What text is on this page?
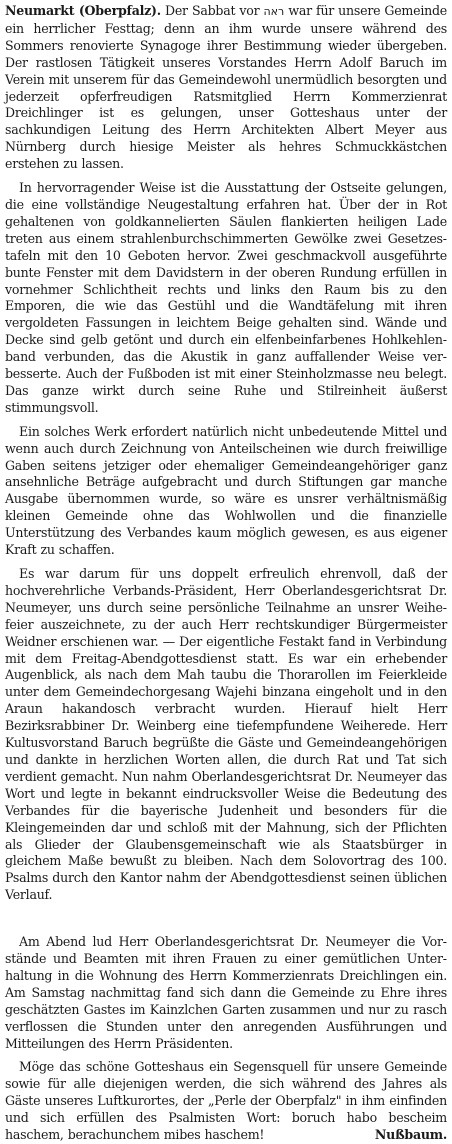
Neumarkt (Oberpfalz). Der Sabbat vor ראה war für unsere Gemeinde ein herrlicher Festtag; denn an ihm wurde unsere während des Sommers renovierte Synagoge ihrer Bestimmung wieder übergeben. Der rastlosen Tätigkeit unseres Vorstandes Herrn Adolf Baruch im Verein mit unserem für das Gemeindewohl unermüdlich besorgten und jederzeit opferfreudigen Ratsmitglied Herrn Kommerzienrat Dreichlinger ist es gelungen, unser Gotteshaus unter der sachkundigen Leitung des Herrn Architekten Albert Meyer aus Nürnberg durch hiesige Meister als hehres Schmuckkästchen erstehen zu lassen.

In hervorragender Weise ist die Ausstattung der Ostseite gelungen, die eine vollständige Neugestaltung erfahren hat. Über der in Rot gehaltenen von goldkannelierten Säulen flankierten heiligen Lade treten aus einem strahlenburchschimmerten Gewölke zwei Gesetzestafeln mit den 10 Geboten hervor. Zwei geschmackvoll ausgeführte bunte Fenster mit dem Davidstern in der oberen Rundung erfüllen in vornehmer Schlichtheit rechts und links den Raum bis zu den Emporen, die wie das Gestühl und die Wandtäfelung mit ihren vergoldeten Fassungen in leichtem Beige gehalten sind. Wände und Decke sind gelb getönt und durch ein elfenbeinfarbenes Hohlkehlenband verbunden, das die Akustik in ganz auffallender Weise verbesserte. Auch der Fußboden ist mit einer Steinholzmasse neu belegt. Das ganze wirkt durch seine Ruhe und Stilreinheit äußerst stimmungsvoll.

Ein solches Werk erfordert natürlich nicht unbedeutende Mittel und wenn auch durch Zeichnung von Anteilscheinen wie durch freiwillige Gaben seitens jetziger oder ehemaliger Gemeindeangehöriger ganz ansehnliche Beträge aufgebracht und durch Stiftungen gar manche Ausgabe übernommen wurde, so wäre es unsrer verhältnismäßig kleinen Gemeinde ohne das Wohlwollen und die finanzielle Unterstützung des Verbandes kaum möglich gewesen, es aus eigener Kraft zu schaffen.

Es war darum für uns doppelt erfreulich ehrenvoll, daß der hochverehrliche Verbands-Präsident, Herr Oberlandesgerichtsrat Dr. Neumeyer, uns durch seine persönliche Teilnahme an unsrer Weihefeier auszeichnete, zu der auch Herr rechtskundiger Bürgermeister Weidner erschienen war. — Der eigentliche Festakt fand in Verbindung mit dem Freitag-Abendgottesdienst statt. Es war ein erhebender Augenblick, als nach dem Mah taubu die Thorarollen im Feierkleide unter dem Gemeindechorgesang Wajehi binzana eingeholt und in den Araun hakandosch verbracht wurden. Hierauf hielt Herr Bezirksrabbiner Dr. Weinberg eine tiefempfundene Weiherede. Herr Kultusvorstand Baruch begrüßte die Gäste und Gemeindeangehörigen und dankte in herzlichen Worten allen, die durch Rat und Tat sich verdient gemacht. Nun nahm Oberlandesgerichtsrat Dr. Neumeyer das Wort und legte in bekannt eindrucksvoller Weise die Bedeutung des Verbandes für die bayerische Judenheit und besonders für die Kleingemeinden dar und schloß mit der Mahnung, sich der Pflichten als Glieder der Glaubensgemeinschaft wie als Staatsbürger in gleichem Maße bewußt zu bleiben. Nach dem Solovortrag des 100. Psalms durch den Kantor nahm der Abendgottesdienst seinen üblichen Verlauf.

Am Abend lud Herr Oberlandesgerichtsrat Dr. Neumeyer die Vorstände und Beamten mit ihren Frauen zu einer gemütlichen Unterhaltung in die Wohnung des Herrn Kommerzienrats Dreichlingen ein. Am Samstag nachmittag fand sich dann die Gemeinde zu Ehre ihres geschätzten Gastes im Kainzlchen Garten zusammen und nur zu rasch verflossen die Stunden unter den anregenden Ausführungen und Mitteilungen des Herrn Präsidenten.

Möge das schöne Gotteshaus ein Segensquell für unsere Gemeinde sowie für alle diejenigen werden, die sich während des Jahres als Gäste unseres Luftkurortes, der „Perle der Oberpfalz" in ihm einfinden und sich erfüllen des Psalmisten Wort: boruch habo bescheim haschem, berachunchem mibes haschem!	Nußbaum.
